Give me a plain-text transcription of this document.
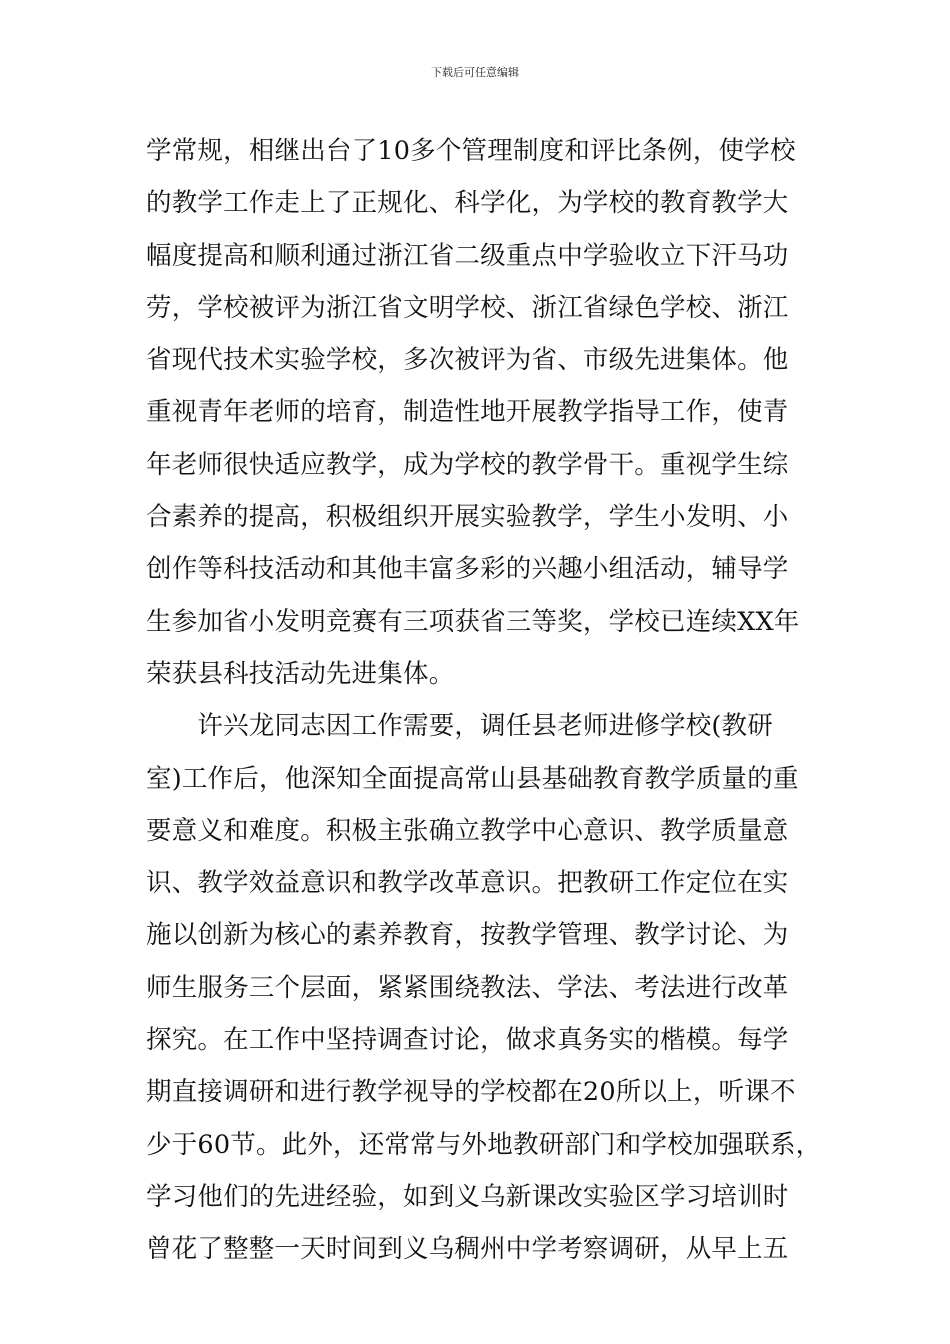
下载后可任意编辑
学常规，相继出台了10多个管理制度和评比条例，使学校
的教学工作走上了正规化、科学化，为学校的教育教学大
幅度提高和顺利通过浙江省二级重点中学验收立下汗马功
劳，学校被评为浙江省文明学校、浙江省绿色学校、浙江
省现代技术实验学校，多次被评为省、市级先进集体。他
重视青年老师的培育，制造性地开展教学指导工作，使青
年老师很快适应教学，成为学校的教学骨干。重视学生综
合素养的提高，积极组织开展实验教学，学生小发明、小
创作等科技活动和其他丰富多彩的兴趣小组活动，辅导学
生参加省小发明竞赛有三项获省三等奖，学校已连续XX年
荣获县科技活动先进集体。
　　许兴龙同志因工作需要，调任县老师进修学校(教研
室)工作后，他深知全面提高常山县基础教育教学质量的重
要意义和难度。积极主张确立教学中心意识、教学质量意
识、教学效益意识和教学改革意识。把教研工作定位在实
施以创新为核心的素养教育，按教学管理、教学讨论、为
师生服务三个层面，紧紧围绕教法、学法、考法进行改革
探究。在工作中坚持调查讨论，做求真务实的楷模。每学
期直接调研和进行教学视导的学校都在20所以上，听课不
少于60节。此外，还常常与外地教研部门和学校加强联系，
学习他们的先进经验，如到义乌新课改实验区学习培训时
曾花了整整一天时间到义乌稠州中学考察调研，从早上五
